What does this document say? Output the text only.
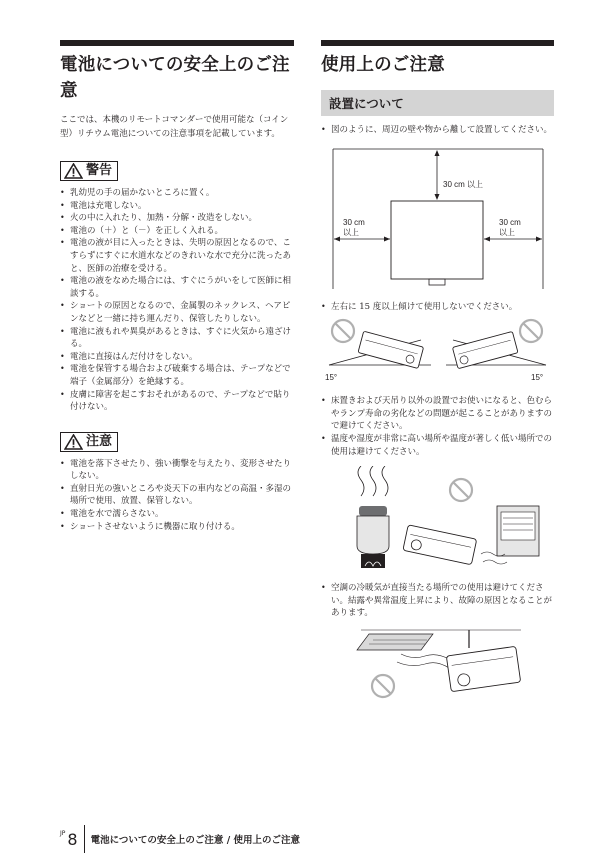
電池についての安全上のご注意

ここでは、本機のリモートコマンダーで使用可能な（コイン型）リチウム電池についての注意事項を記載しています。

警告
• 乳幼児の手の届かないところに置く。
• 電池は充電しない。
• 火の中に入れたり、加熱・分解・改造をしない。
• 電池の（＋）と（－）を正しく入れる。
• 電池の液が目に入ったときは、失明の原因となるので、こすらずにすぐに水道水などのきれいな水で充分に洗ったあと、医師の治療を受ける。
• 電池の液をなめた場合には、すぐにうがいをして医師に相談する。
• ショートの原因となるので、金属製のネックレス、ヘアピンなどと一緒に持ち運んだり、保管したりしない。
• 電池に液もれや異臭があるときは、すぐに火気から遠ざける。
• 電池に直接はんだ付けをしない。
• 電池を保管する場合および破棄する場合は、テープなどで端子（金属部分）を絶縁する。
• 皮膚に障害を起こすおそれがあるので、テープなどで貼り付けない。
注意
• 電池を落下させたり、強い衝撃を与えたり、変形させたりしない。
• 直射日光の強いところや炎天下の車内などの高温・多湿の場所で使用、放置、保管しない。
• 電池を水で濡らさない。
• ショートさせないように機器に取り付ける。
使用上のご注意
設置について
• 図のように、周辺の壁や物から離して設置してください。
30 cm 以上
30 cm
以上
30 cm
以上
• 左右に 15 度以上傾けて使用しないでください。
15°	15°
• 床置きおよび天吊り以外の設置でお使いになると、色むらやランプ寿命の劣化などの問題が起こることがありますので避けてください。
• 温度や湿度が非常に高い場所や温度が著しく低い場所での使用は避けてください。
• 空調の冷暖気が直接当たる場所での使用は避けてください。結露や異常温度上昇により、故障の原因となることがあります。
JP 8 電池についての安全上のご注意 / 使用上のご注意
